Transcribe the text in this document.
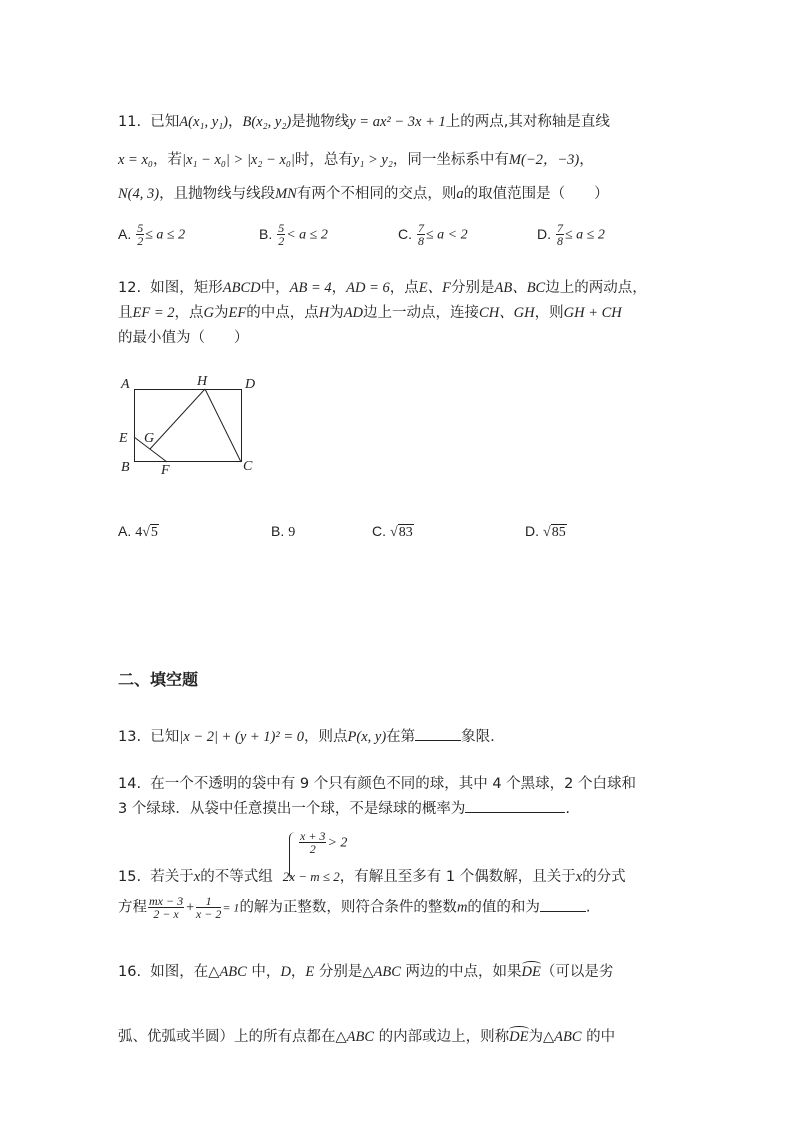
11. 已知A(x₁, y₁)，B(x₂, y₂)是抛物线y = ax² − 3x + 1上的两点,其对称轴是直线
x = x₀，若|x₁ − x₀| > |x₂ − x₀|时，总有y₁ > y₂，同一坐标系中有M(−2，−3)，
N(4, 3)，且抛物线与线段MN有两个不相同的交点，则a的取值范围是（　　）
A. $\frac{5}{2} \le a \le 2$	B. $\frac{5}{2} < a \le 2$	C. $\frac{7}{8} \le a < 2$	D. $\frac{7}{8} \le a \le 2$
12. 如图，矩形ABCD中，AB = 4，AD = 6，点E、F分别是AB、BC边上的两动点，
且EF = 2，点G为EF的中点，点H为AD边上一动点，连接CH、GH，则GH + CH
的最小值为（　　）
A	H	D
E G
B F	C
A. 4√5	B. 9	C. √83	D. √85
二、填空题
13. 已知|x − 2| + (y + 1)² = 0，则点P(x, y)在第	象限.
14. 在一个不透明的袋中有 9 个只有颜色不同的球，其中 4 个黑球，2 个白球和
3 个绿球．从袋中任意摸出一个球，不是绿球的概率为	.
$\frac{x + 3}{2} > 2$
15. 若关于x的不等式组 2x − m ≤ 2，有解且至多有 1 个偶数解，且关于x的分式
方程 $\frac{mx - 3}{2 - x} + \frac{1}{x - 2} = 1$的解为正整数，则符合条件的整数m的值的和为	.
16. 如图，在△ABC 中，D，E 分别是△ABC 两边的中点，如果DE（可以是劣
弧、优弧或半圆）上的所有点都在△ABC 的内部或边上，则称DE为△ABC 的中
